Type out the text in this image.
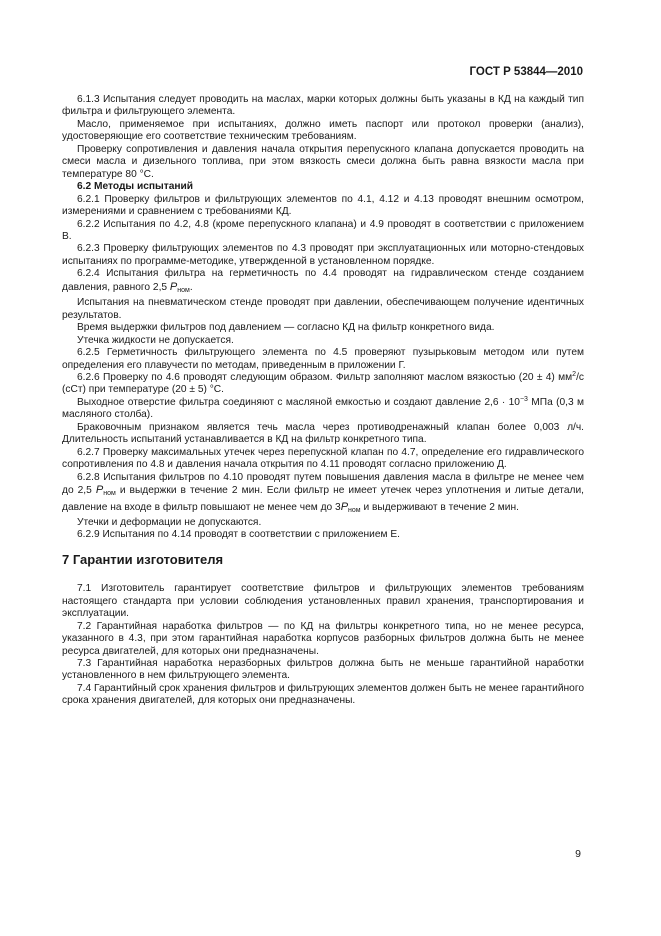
ГОСТ Р 53844—2010

6.1.3 Испытания следует проводить на маслах, марки которых должны быть указаны в КД на каждый тип фильтра и фильтрующего элемента.

Масло, применяемое при испытаниях, должно иметь паспорт или протокол проверки (анализ), удостоверяющие его соответствие техническим требованиям.

Проверку сопротивления и давления начала открытия перепускного клапана допускается проводить на смеси масла и дизельного топлива, при этом вязкость смеси должна быть равна вязкости масла при температуре 80 °С.

6.2 Методы испытаний

6.2.1 Проверку фильтров и фильтрующих элементов по 4.1, 4.12 и 4.13 проводят внешним осмотром, измерениями и сравнением с требованиями КД.

6.2.2 Испытания по 4.2, 4.8 (кроме перепускного клапана) и 4.9 проводят в соответствии с приложением В.

6.2.3 Проверку фильтрующих элементов по 4.3 проводят при эксплуатационных или моторно-стендовых испытаниях по программе-методике, утвержденной в установленном порядке.

6.2.4 Испытания фильтра на герметичность по 4.4 проводят на гидравлическом стенде созданием давления, равного 2,5 $P_{ном}$.

Испытания на пневматическом стенде проводят при давлении, обеспечивающем получение идентичных результатов.

Время выдержки фильтров под давлением — согласно КД на фильтр конкретного вида.

Утечка жидкости не допускается.

6.2.5 Герметичность фильтрующего элемента по 4.5 проверяют пузырьковым методом или путем определения его плавучести по методам, приведенным в приложении Г.

6.2.6 Проверку по 4.6 проводят следующим образом. Фильтр заполняют маслом вязкостью (20 ± 4) $мм^2/с$ (сСт) при температуре (20 ± 5) °С.

Выходное отверстие фильтра соединяют с масляной емкостью и создают давление $2,6 \cdot 10^{-3}$ МПа (0,3 м масляного столба).

Браковочным признаком является течь масла через противодренажный клапан более 0,003 л/ч. Длительность испытаний устанавливается в КД на фильтр конкретного типа.

6.2.7 Проверку максимальных утечек через перепускной клапан по 4.7, определение его гидравлического сопротивления по 4.8 и давления начала открытия по 4.11 проводят согласно приложению Д.

6.2.8 Испытания фильтров по 4.10 проводят путем повышения давления масла в фильтре не менее чем до 2,5 $P_{ном}$ и выдержки в течение 2 мин. Если фильтр не имеет утечек через уплотнения и литые детали, давление на входе в фильтр повышают не менее чем до $3P_{ном}$ и выдерживают в течение 2 мин.

Утечки и деформации не допускаются.

6.2.9 Испытания по 4.14 проводят в соответствии с приложением Е.

7 Гарантии изготовителя

7.1 Изготовитель гарантирует соответствие фильтров и фильтрующих элементов требованиям настоящего стандарта при условии соблюдения установленных правил хранения, транспортирования и эксплуатации.

7.2 Гарантийная наработка фильтров — по КД на фильтры конкретного типа, но не менее ресурса, указанного в 4.3, при этом гарантийная наработка корпусов разборных фильтров должна быть не менее ресурса двигателей, для которых они предназначены.

7.3 Гарантийная наработка неразборных фильтров должна быть не меньше гарантийной наработки установленного в нем фильтрующего элемента.

7.4 Гарантийный срок хранения фильтров и фильтрующих элементов должен быть не менее гарантийного срока хранения двигателей, для которых они предназначены.

9
